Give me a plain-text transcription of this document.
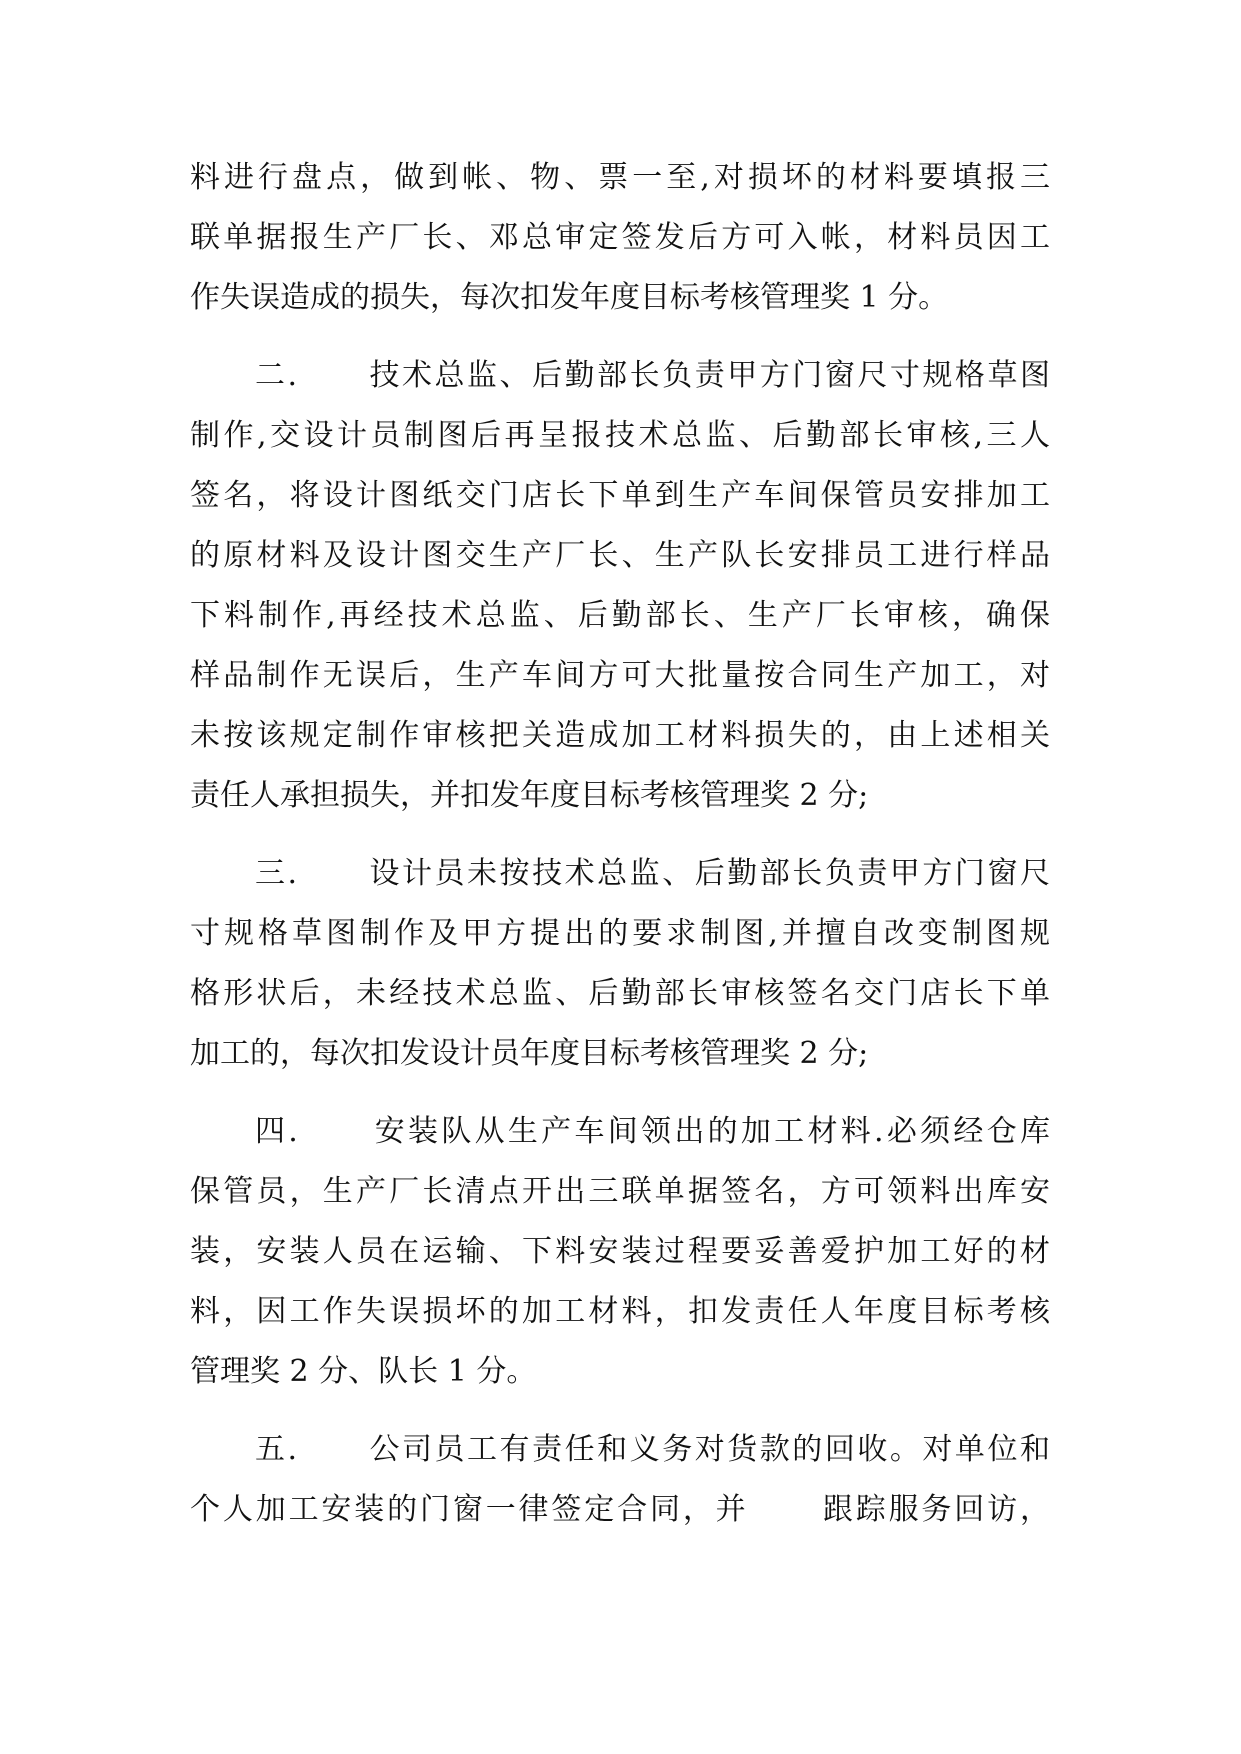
料进行盘点，做到帐、物、票一至,对损坏的材料要填报三
联单据报生产厂长、邓总审定签发后方可入帐，材料员因工
作失误造成的损失，每次扣发年度目标考核管理奖 1 分。
二.      技术总监、后勤部长负责甲方门窗尺寸规格草图
制作,交设计员制图后再呈报技术总监、后勤部长审核,三人
签名，将设计图纸交门店长下单到生产车间保管员安排加工
的原材料及设计图交生产厂长、生产队长安排员工进行样品
下料制作,再经技术总监、后勤部长、生产厂长审核，确保
样品制作无误后，生产车间方可大批量按合同生产加工，对
未按该规定制作审核把关造成加工材料损失的，由上述相关
责任人承担损失，并扣发年度目标考核管理奖 2 分;
三.      设计员未按技术总监、后勤部长负责甲方门窗尺
寸规格草图制作及甲方提出的要求制图,并擅自改变制图规
格形状后，未经技术总监、后勤部长审核签名交门店长下单
加工的，每次扣发设计员年度目标考核管理奖 2 分;
四.      安装队从生产车间领出的加工材料.必须经仓库
保管员，生产厂长清点开出三联单据签名，方可领料出库安
装，安装人员在运输、下料安装过程要妥善爱护加工好的材
料，因工作失误损坏的加工材料，扣发责任人年度目标考核
管理奖 2 分、队长 1 分。
五.      公司员工有责任和义务对货款的回收。对单位和
个人加工安装的门窗一律签定合同，并      跟踪服务回访，
